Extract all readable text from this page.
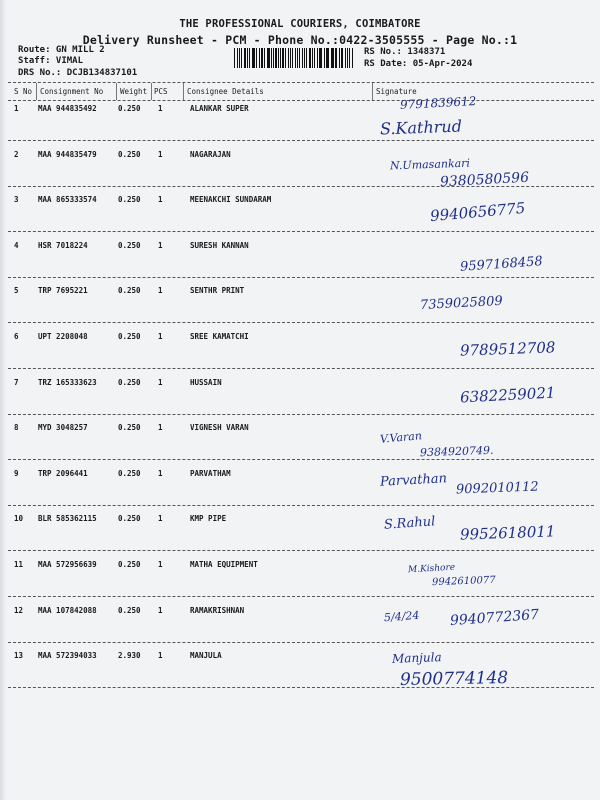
THE PROFESSIONAL COURIERS, COIMBATORE
Delivery Runsheet - PCM - Phone No.:0422-3505555 - Page No.:1
Route: GN MILL 2
Staff: VIMAL
DRS No.: DCJB134837101
RS No.: 1348371
RS Date: 05-Apr-2024
S No Consignment No Weight PCS	Consignee Details	Signature
1	MAA 944835492	0.250 1	ALANKAR SUPER	9791839612
S.Kathrud
2	MAA 944835479	0.250 1	NAGARAJAN
N.Umasankari
9380580596
3	MAA 865333574	0.250 1	MEENAKCHI SUNDARAM	9940656775
4	HSR 7018224	0.250 1	SURESH KANNAN
9597168458
5	TRP 7695221	0.250 1	SENTHR PRINT
7359025809
6	UPT 2208048	0.250 1	SREE KAMATCHI
9789512708
7	TRZ 165333623	0.250 1	HUSSAIN
6382259021
8	MYD 3048257	0.250 1	VIGNESH VARAN
V.Varan
9384920749.
9	TRP 2096441	0.250 1	PARVATHAM	Parvathan 9092010112
10 BLR 585362115	0.250 1	KMP PIPE	S.Rahul 9952618011
11 MAA 572956639	0.250 1	MATHA EQUIPMENT	M.Kishore
9942610077
12 MAA 107842088	0.250 1	RAMAKRISHNAN	5/4/24 9940772367
13 MAA 572394033	2.930 1	MANJULA	Manjula
9500774148
